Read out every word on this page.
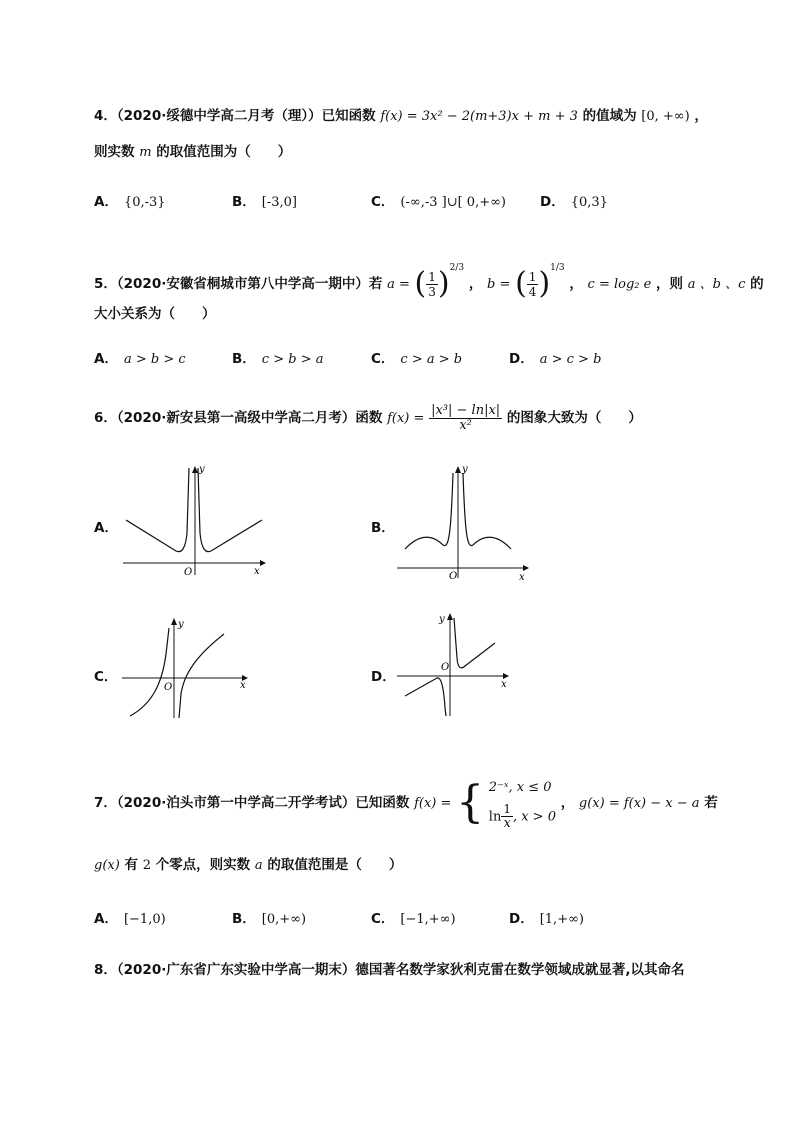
4．（2020·绥德中学高二月考（理））已知函数 f(x) = 3x² − 2(m+3)x + m + 3 的值域为 [0, +∞) ，
则实数 m 的取值范围为（　　）
A． {0,-3}	B． [-3,0]	C． (-∞,-3 ]∪[ 0,+∞)	D． {0,3}
5．（2020·安徽省桐城市第八中学高一期中）若 a = ( $\frac{1}{3} )^{2/3}$ ， b = ( $\frac{1}{4} )^{1/3}$ ， c = log₂ e ，则 a 、b 、c 的
大小关系为（　　）
A． a > b > c	B． c > b > a	C． c > a > b	D． a > c > b
6．（2020·新安县第一高级中学高二月考）函数 $f(x) = \frac{\text{|x³| − ln|x|}}{\text{x²}}$ 的图象大致为（　　）
A．
y
x
O
B．
y
x
O
C．
y
x
O
D．
y
x
O
7．（2020·泊头市第一中学高二开学考试）已知函数 f(x) = { 2⁻ˣ, x ≤ 0
$\ln \frac{1}{x}$ , x > 0
， g(x) = f(x) − x − a 若
g(x) 有 2 个零点，则实数 a 的取值范围是（　　）
A． [−1,0)	B． [0,+∞)	C． [−1,+∞)	D． [1,+∞)
8．（2020·广东省广东实验中学高一期末）德国著名数学家狄利克雷在数学领域成就显著,以其命名
